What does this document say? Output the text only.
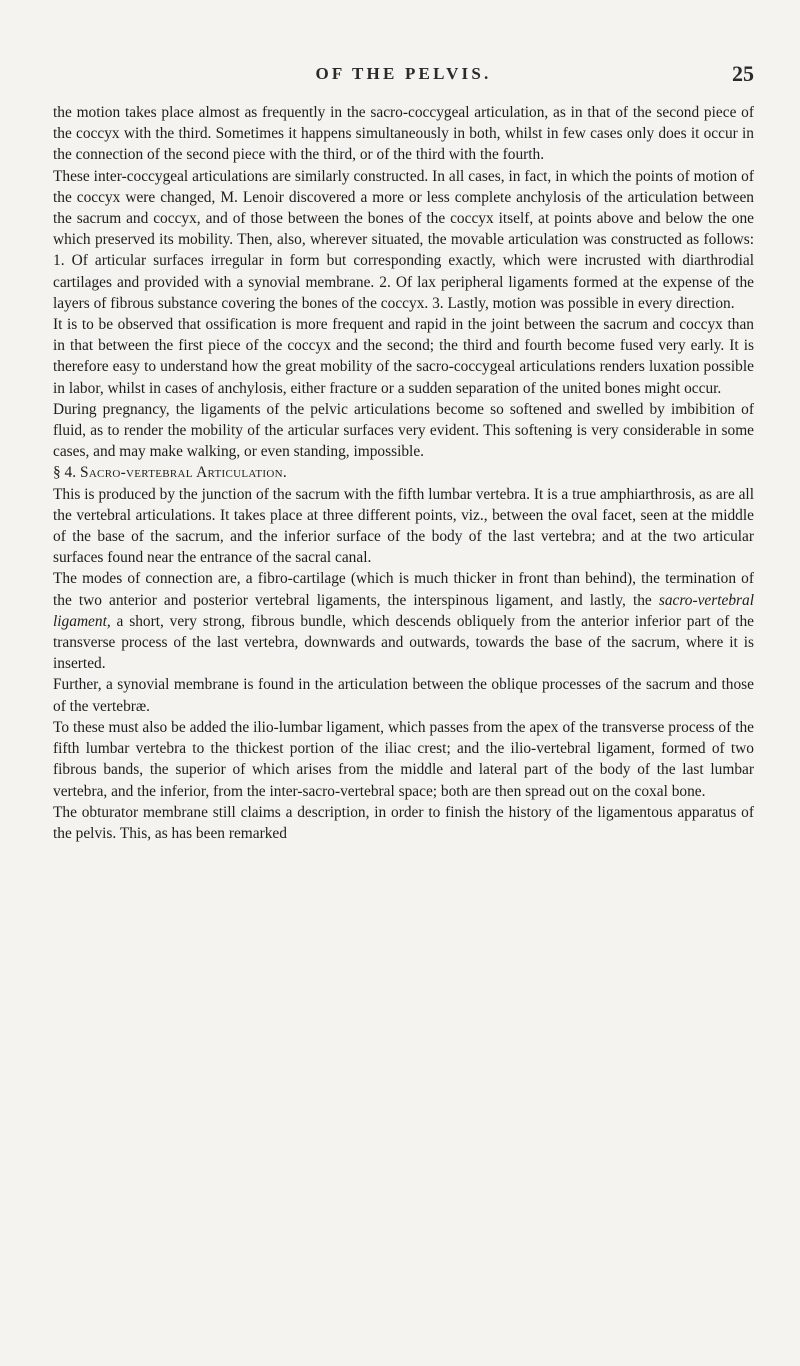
OF THE PELVIS.	25

the motion takes place almost as frequently in the sacro-coccygeal articulation, as in that of the second piece of the coccyx with the third. Sometimes it happens simultaneously in both, whilst in few cases only does it occur in the connection of the second piece with the third, or of the third with the fourth.

These inter-coccygeal articulations are similarly constructed. In all cases, in fact, in which the points of motion of the coccyx were changed, M. Lenoir discovered a more or less complete anchylosis of the articulation between the sacrum and coccyx, and of those between the bones of the coccyx itself, at points above and below the one which preserved its mobility. Then, also, wherever situated, the movable articulation was constructed as follows: 1. Of articular surfaces irregular in form but corresponding exactly, which were incrusted with diarthrodial cartilages and provided with a synovial membrane. 2. Of lax peripheral ligaments formed at the expense of the layers of fibrous substance covering the bones of the coccyx. 3. Lastly, motion was possible in every direction.

It is to be observed that ossification is more frequent and rapid in the joint between the sacrum and coccyx than in that between the first piece of the coccyx and the second; the third and fourth become fused very early. It is therefore easy to understand how the great mobility of the sacro-coccygeal articulations renders luxation possible in labor, whilst in cases of anchylosis, either fracture or a sudden separation of the united bones might occur.

During pregnancy, the ligaments of the pelvic articulations become so softened and swelled by imbibition of fluid, as to render the mobility of the articular surfaces very evident. This softening is very considerable in some cases, and may make walking, or even standing, impossible.

§ 4. Sacro-vertebral Articulation.

This is produced by the junction of the sacrum with the fifth lumbar vertebra. It is a true amphiarthrosis, as are all the vertebral articulations. It takes place at three different points, viz., between the oval facet, seen at the middle of the base of the sacrum, and the inferior surface of the body of the last vertebra; and at the two articular surfaces found near the entrance of the sacral canal.

The modes of connection are, a fibro-cartilage (which is much thicker in front than behind), the termination of the two anterior and posterior vertebral ligaments, the interspinous ligament, and lastly, the sacro-vertebral ligament, a short, very strong, fibrous bundle, which descends obliquely from the anterior inferior part of the transverse process of the last vertebra, downwards and outwards, towards the base of the sacrum, where it is inserted.

Further, a synovial membrane is found in the articulation between the oblique processes of the sacrum and those of the vertebræ.

To these must also be added the ilio-lumbar ligament, which passes from the apex of the transverse process of the fifth lumbar vertebra to the thickest portion of the iliac crest; and the ilio-vertebral ligament, formed of two fibrous bands, the superior of which arises from the middle and lateral part of the body of the last lumbar vertebra, and the inferior, from the inter-sacro-vertebral space; both are then spread out on the coxal bone.

The obturator membrane still claims a description, in order to finish the history of the ligamentous apparatus of the pelvis. This, as has been remarked
